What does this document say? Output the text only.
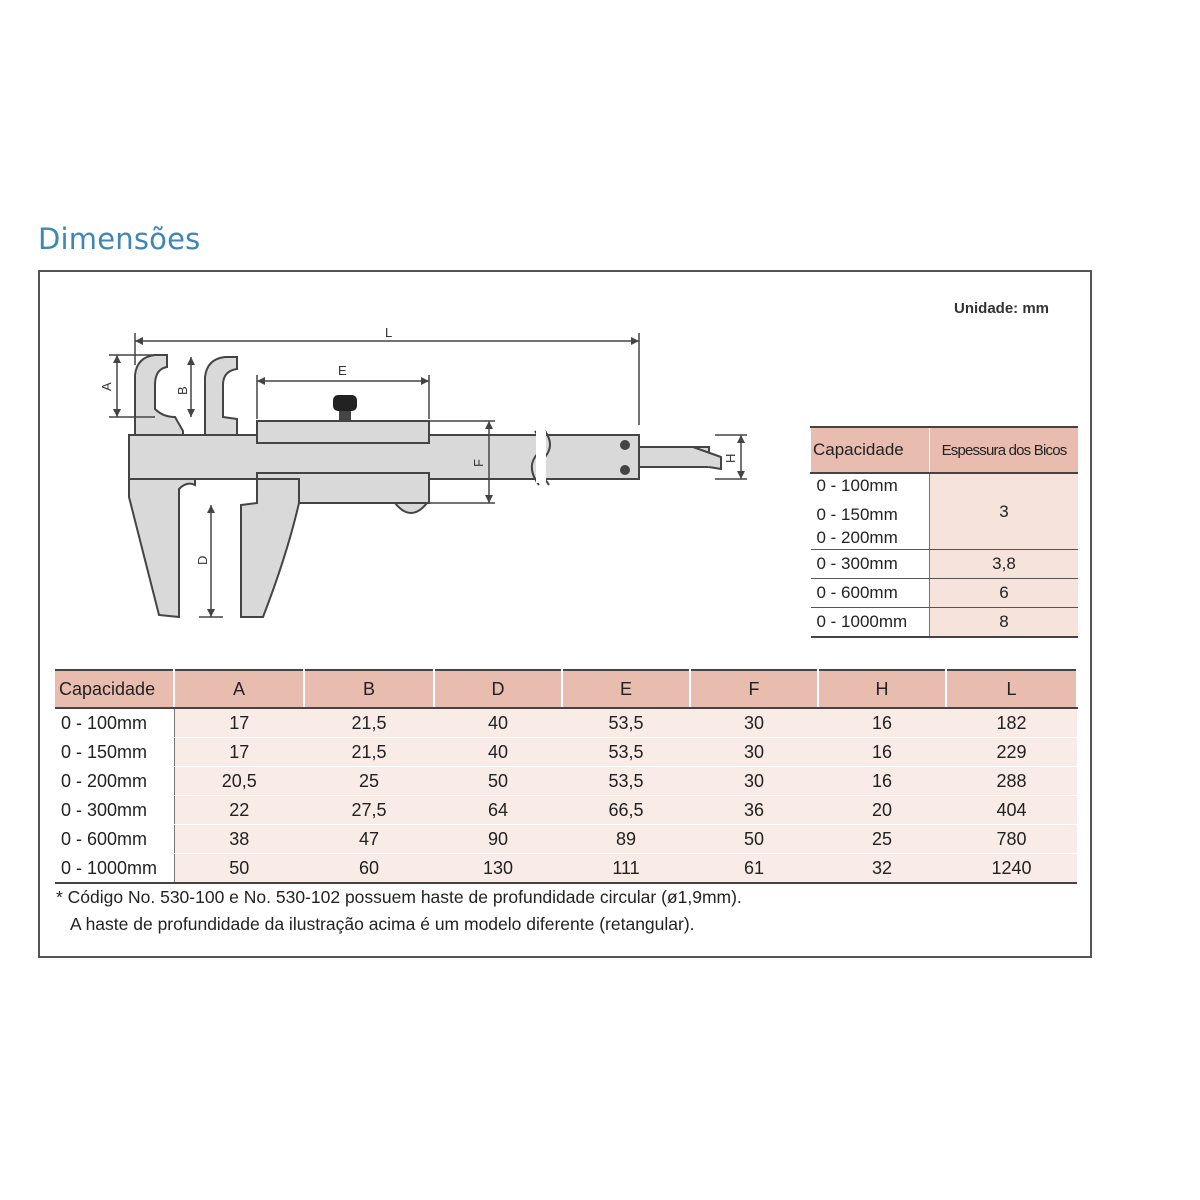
Dimensões
Unidade: mm
L
E
A	B
D
F
H	Capacidade	Espessura dos Bicos

0 - 100mm
0 - 150mm
0 - 200mm	3
0 - 300mm	3,8
0 - 600mm	6
0 - 1000mm	8
Capacidade	A	B	D	E	F	H	L
0 - 100mm	17	21,5	40	53,5	30	16	182
0 - 150mm	17	21,5	40	53,5	30	16	229
0 - 200mm	20,5	25	50	53,5	30	16	288
0 - 300mm	22	27,5	64	66,5	36	20	404
0 - 600mm	38	47	90	89	50	25	780
0 - 1000mm	50	60	130	111	61	32	1240
* Código No. 530-100 e No. 530-102 possuem haste de profundidade circular (ø1,9mm).
A haste de profundidade da ilustração acima é um modelo diferente (retangular).
